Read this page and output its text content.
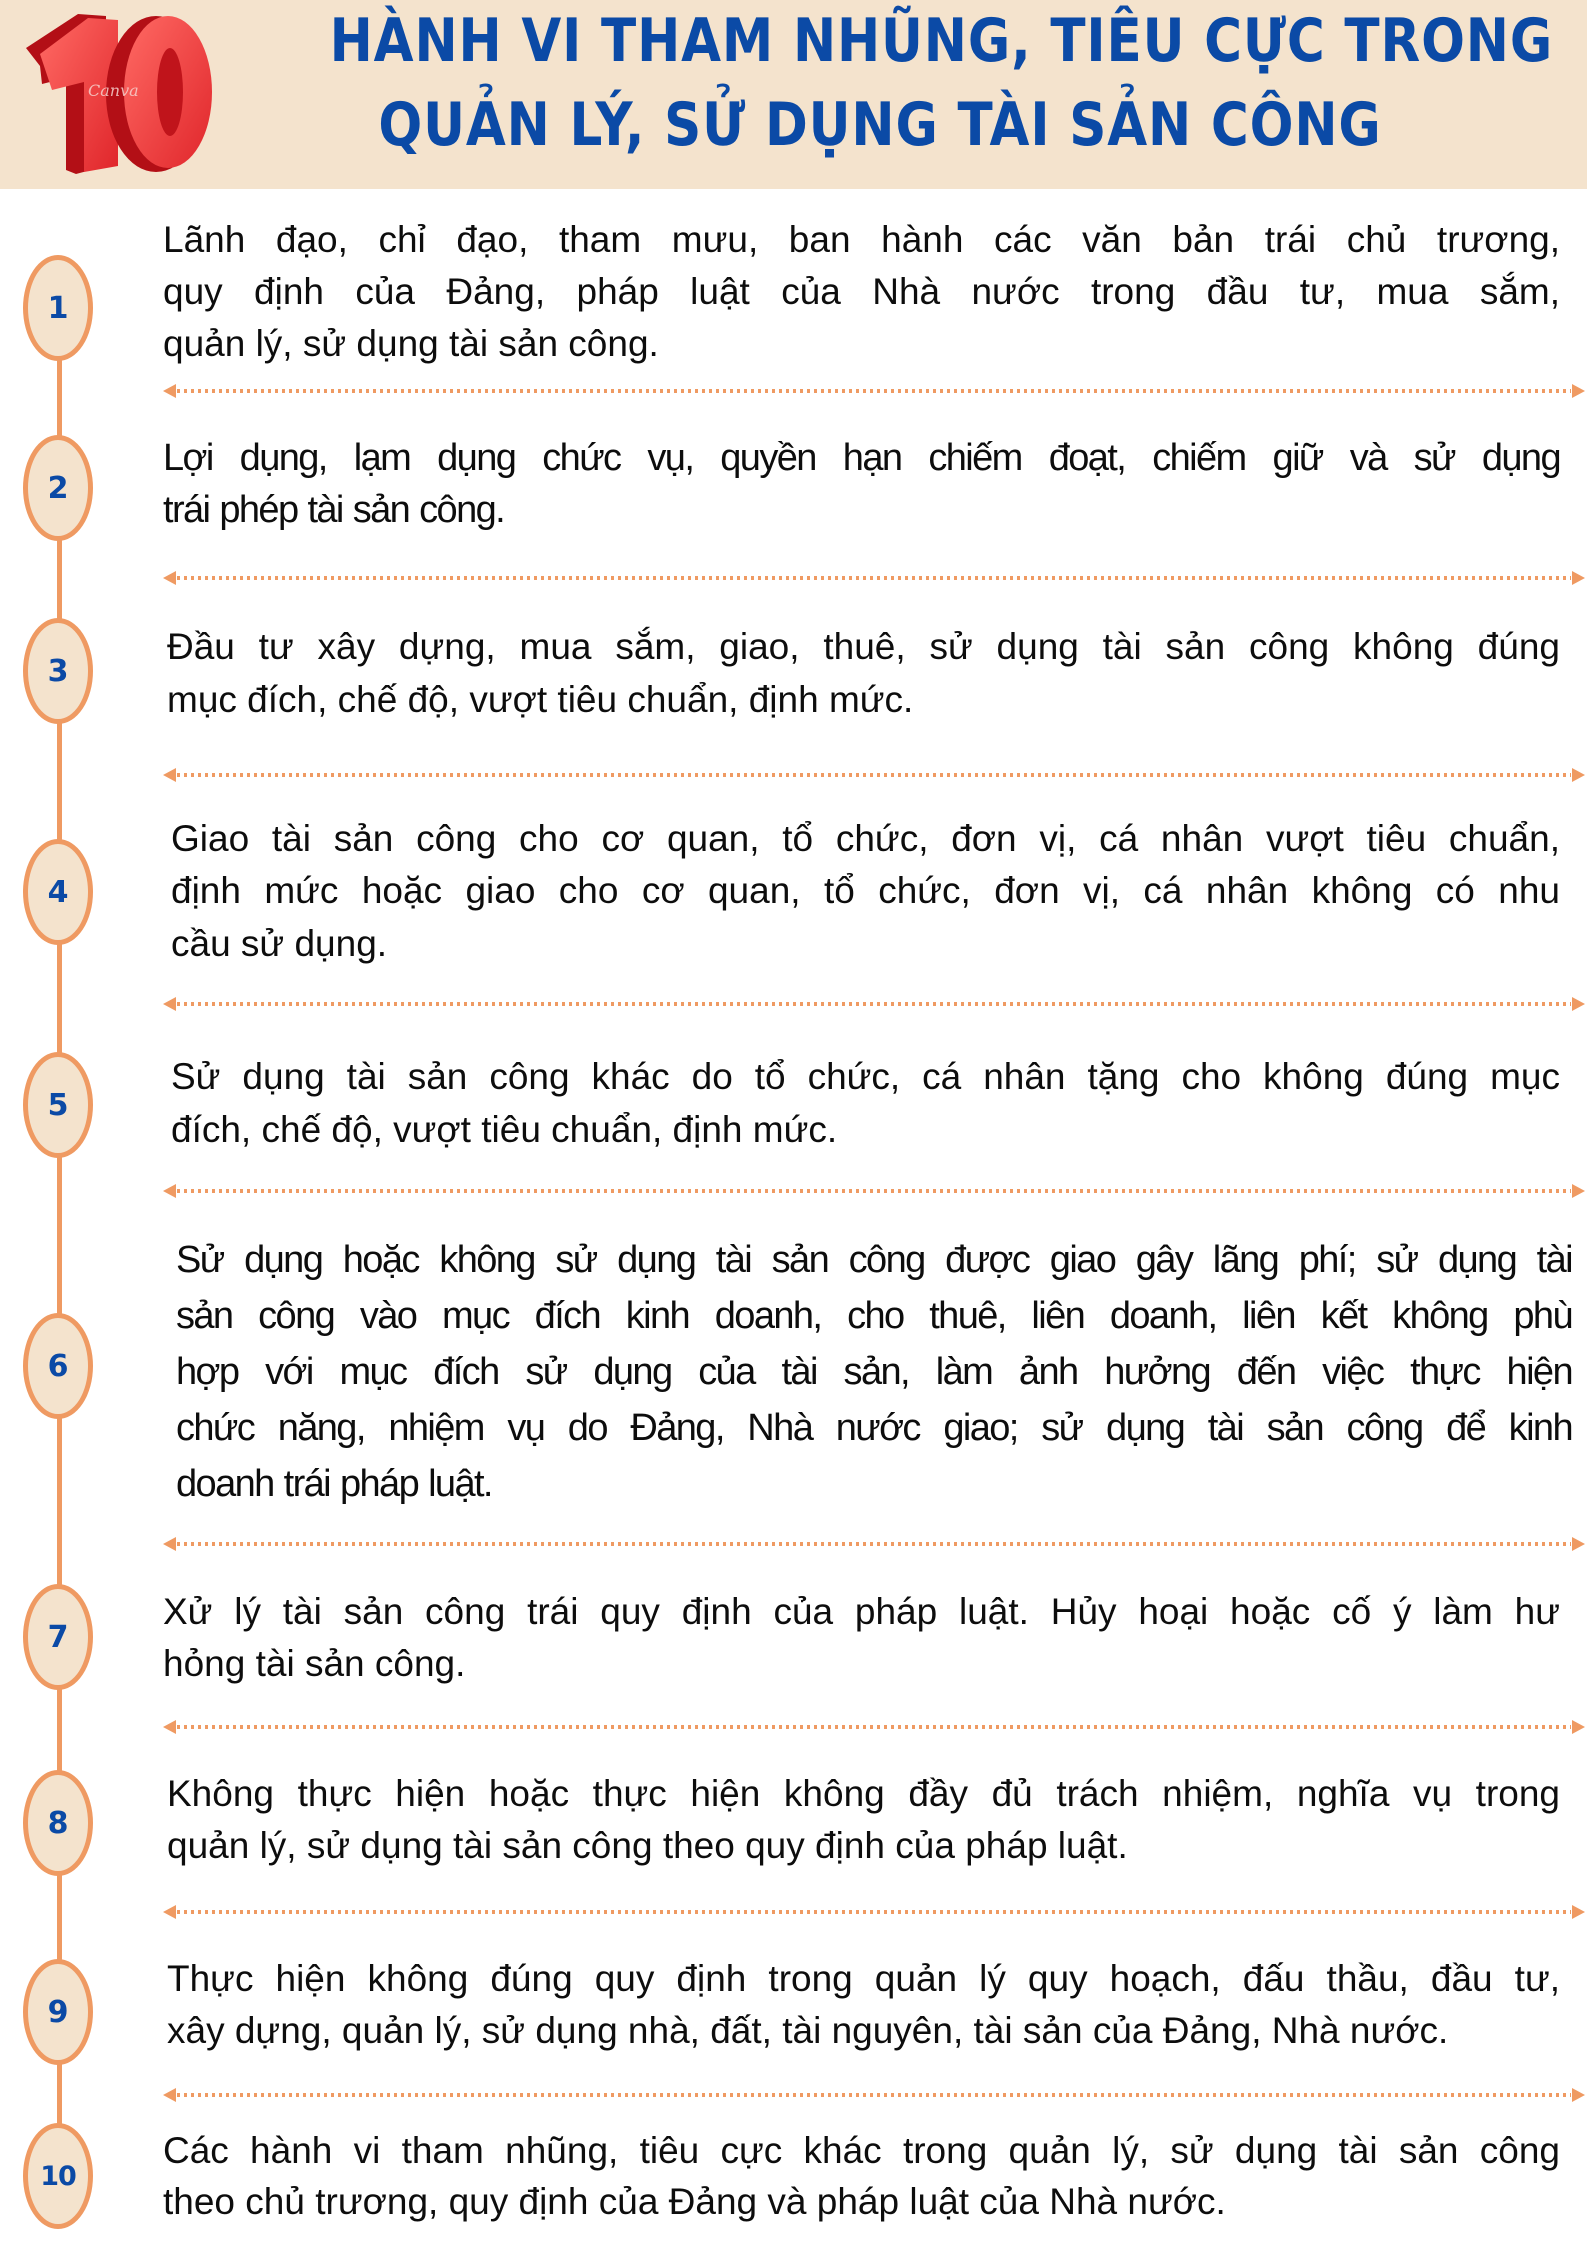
Canva
HÀNH VI THAM NHŨNG, TIÊU CỰC TRONG
QUẢN LÝ, SỬ DỤNG TÀI SẢN CÔNG
1
2
3
4
5
6
7
8
9
10
Lãnh đạo, chỉ đạo, tham mưu, ban hành các văn bản trái chủ trương,
quy định của Đảng, pháp luật của Nhà nước trong đầu tư, mua sắm,
quản lý, sử dụng tài sản công.
Lợi dụng, lạm dụng chức vụ, quyền hạn chiếm đoạt, chiếm giữ và sử dụng
trái phép tài sản công.
Đầu tư xây dựng, mua sắm, giao, thuê, sử dụng tài sản công không đúng
mục đích, chế độ, vượt tiêu chuẩn, định mức.
Giao tài sản công cho cơ quan, tổ chức, đơn vị, cá nhân vượt tiêu chuẩn,
định mức hoặc giao cho cơ quan, tổ chức, đơn vị, cá nhân không có nhu
cầu sử dụng.
Sử dụng tài sản công khác do tổ chức, cá nhân tặng cho không đúng mục
đích, chế độ, vượt tiêu chuẩn, định mức.
Sử dụng hoặc không sử dụng tài sản công được giao gây lãng phí; sử dụng tài
sản công vào mục đích kinh doanh, cho thuê, liên doanh, liên kết không phù
hợp với mục đích sử dụng của tài sản, làm ảnh hưởng đến việc thực hiện
chức năng, nhiệm vụ do Đảng, Nhà nước giao; sử dụng tài sản công để kinh
doanh trái pháp luật.
Xử lý tài sản công trái quy định của pháp luật. Hủy hoại hoặc cố ý làm hư
hỏng tài sản công.
Không thực hiện hoặc thực hiện không đầy đủ trách nhiệm, nghĩa vụ trong
quản lý, sử dụng tài sản công theo quy định của pháp luật.
Thực hiện không đúng quy định trong quản lý quy hoạch, đấu thầu, đầu tư,
xây dựng, quản lý, sử dụng nhà, đất, tài nguyên, tài sản của Đảng, Nhà nước.
Các hành vi tham nhũng, tiêu cực khác trong quản lý, sử dụng tài sản công
theo chủ trương, quy định của Đảng và pháp luật của Nhà nước.
